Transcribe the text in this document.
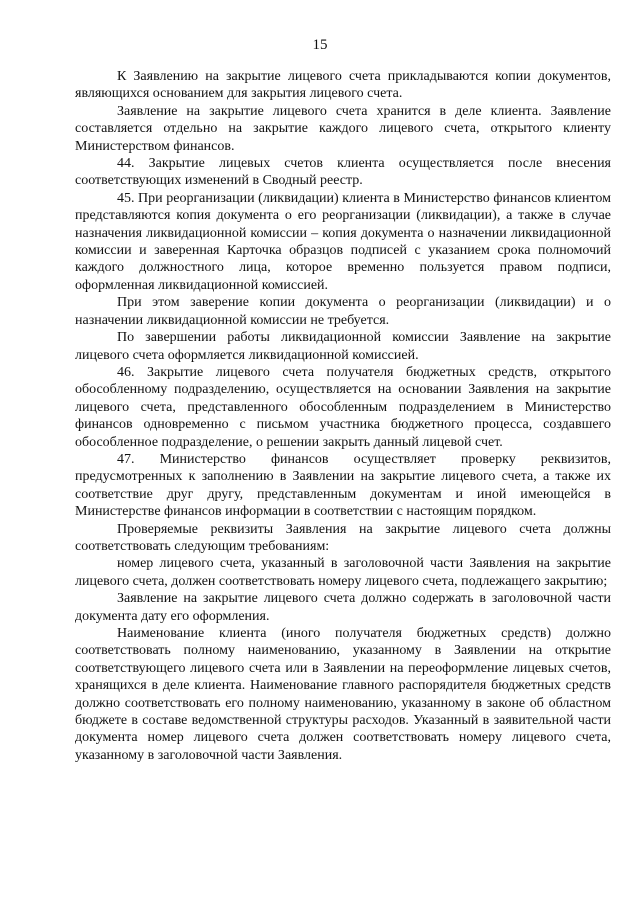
15

К Заявлению на закрытие лицевого счета прикладываются копии документов, являющихся основанием для закрытия лицевого счета.

Заявление на закрытие лицевого счета хранится в деле клиента. Заявление составляется отдельно на закрытие каждого лицевого счета, открытого клиенту Министерством финансов.

44. Закрытие лицевых счетов клиента осуществляется после внесения соответствующих изменений в Сводный реестр.

45. При реорганизации (ликвидации) клиента в Министерство финансов клиентом представляются копия документа о его реорганизации (ликвидации), а также в случае назначения ликвидационной комиссии – копия документа о назначении ликвидационной комиссии и заверенная Карточка образцов подписей с указанием срока полномочий каждого должностного лица, которое временно пользуется правом подписи, оформленная ликвидационной комиссией.

При этом заверение копии документа о реорганизации (ликвидации) и о назначении ликвидационной комиссии не требуется.

По завершении работы ликвидационной комиссии Заявление на закрытие лицевого счета оформляется ликвидационной комиссией.

46. Закрытие лицевого счета получателя бюджетных средств, открытого обособленному подразделению, осуществляется на основании Заявления на закрытие лицевого счета, представленного обособленным подразделением в Министерство финансов одновременно с письмом участника бюджетного процесса, создавшего обособленное подразделение, о решении закрыть данный лицевой счет.

47. Министерство финансов осуществляет проверку реквизитов, предусмотренных к заполнению в Заявлении на закрытие лицевого счета, а также их соответствие друг другу, представленным документам и иной имеющейся в Министерстве финансов информации в соответствии с настоящим порядком.

Проверяемые реквизиты Заявления на закрытие лицевого счета должны соответствовать следующим требованиям:

номер лицевого счета, указанный в заголовочной части Заявления на закрытие лицевого счета, должен соответствовать номеру лицевого счета, подлежащего закрытию;

Заявление на закрытие лицевого счета должно содержать в заголовочной части документа дату его оформления.

Наименование клиента (иного получателя бюджетных средств) должно соответствовать полному наименованию, указанному в Заявлении на открытие соответствующего лицевого счета или в Заявлении на переоформление лицевых счетов, хранящихся в деле клиента. Наименование главного распорядителя бюджетных средств должно соответствовать его полному наименованию, указанному в законе об областном бюджете в составе ведомственной структуры расходов. Указанный в заявительной части документа номер лицевого счета должен соответствовать номеру лицевого счета, указанному в заголовочной части Заявления.
